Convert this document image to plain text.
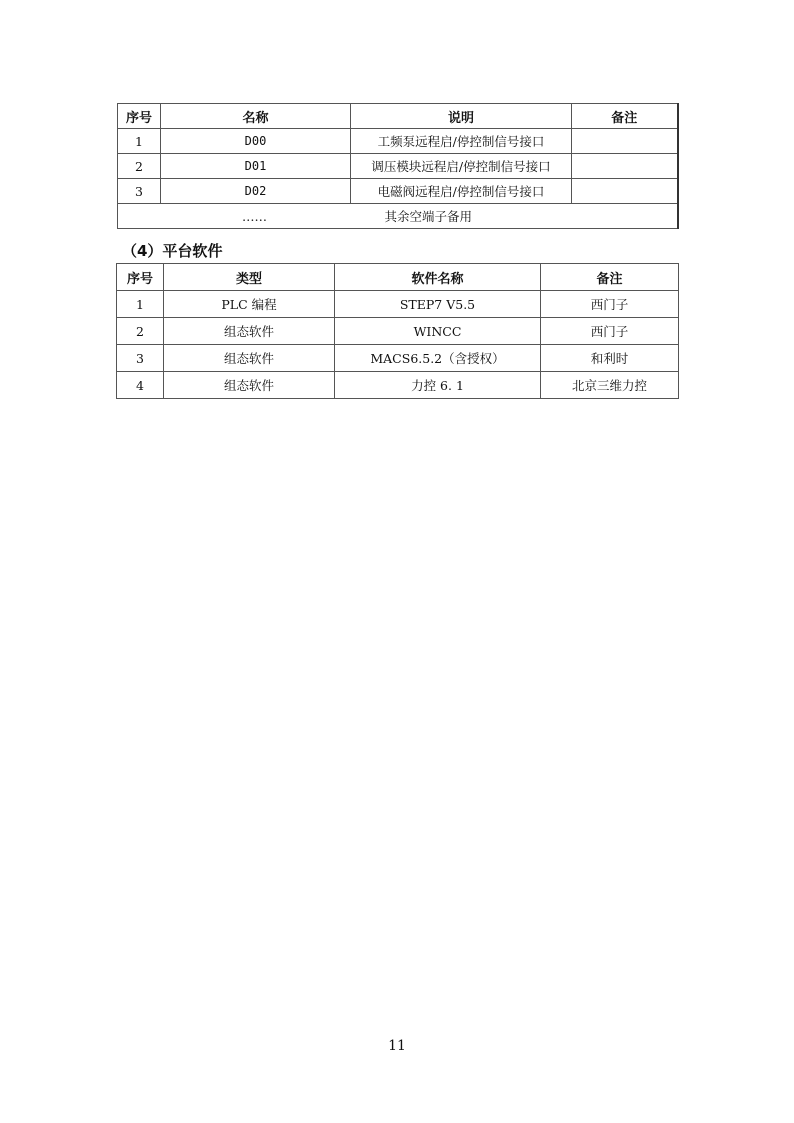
序号	名称	说明	备注
1	D00	工频泵远程启/停控制信号接口	
2	D01	调压模块远程启/停控制信号接口	
3	D02	电磁阀远程启/停控制信号接口	
……		其余空端子备用	
（4）平台软件
序号	类型	软件名称	备注
1	PLC 编程	STEP7 V5.5	西门子
2	组态软件	WINCC	西门子
3	组态软件	MACS6.5.2（含授权）	和利时
4	组态软件	力控 6. 1	北京三维力控
11
